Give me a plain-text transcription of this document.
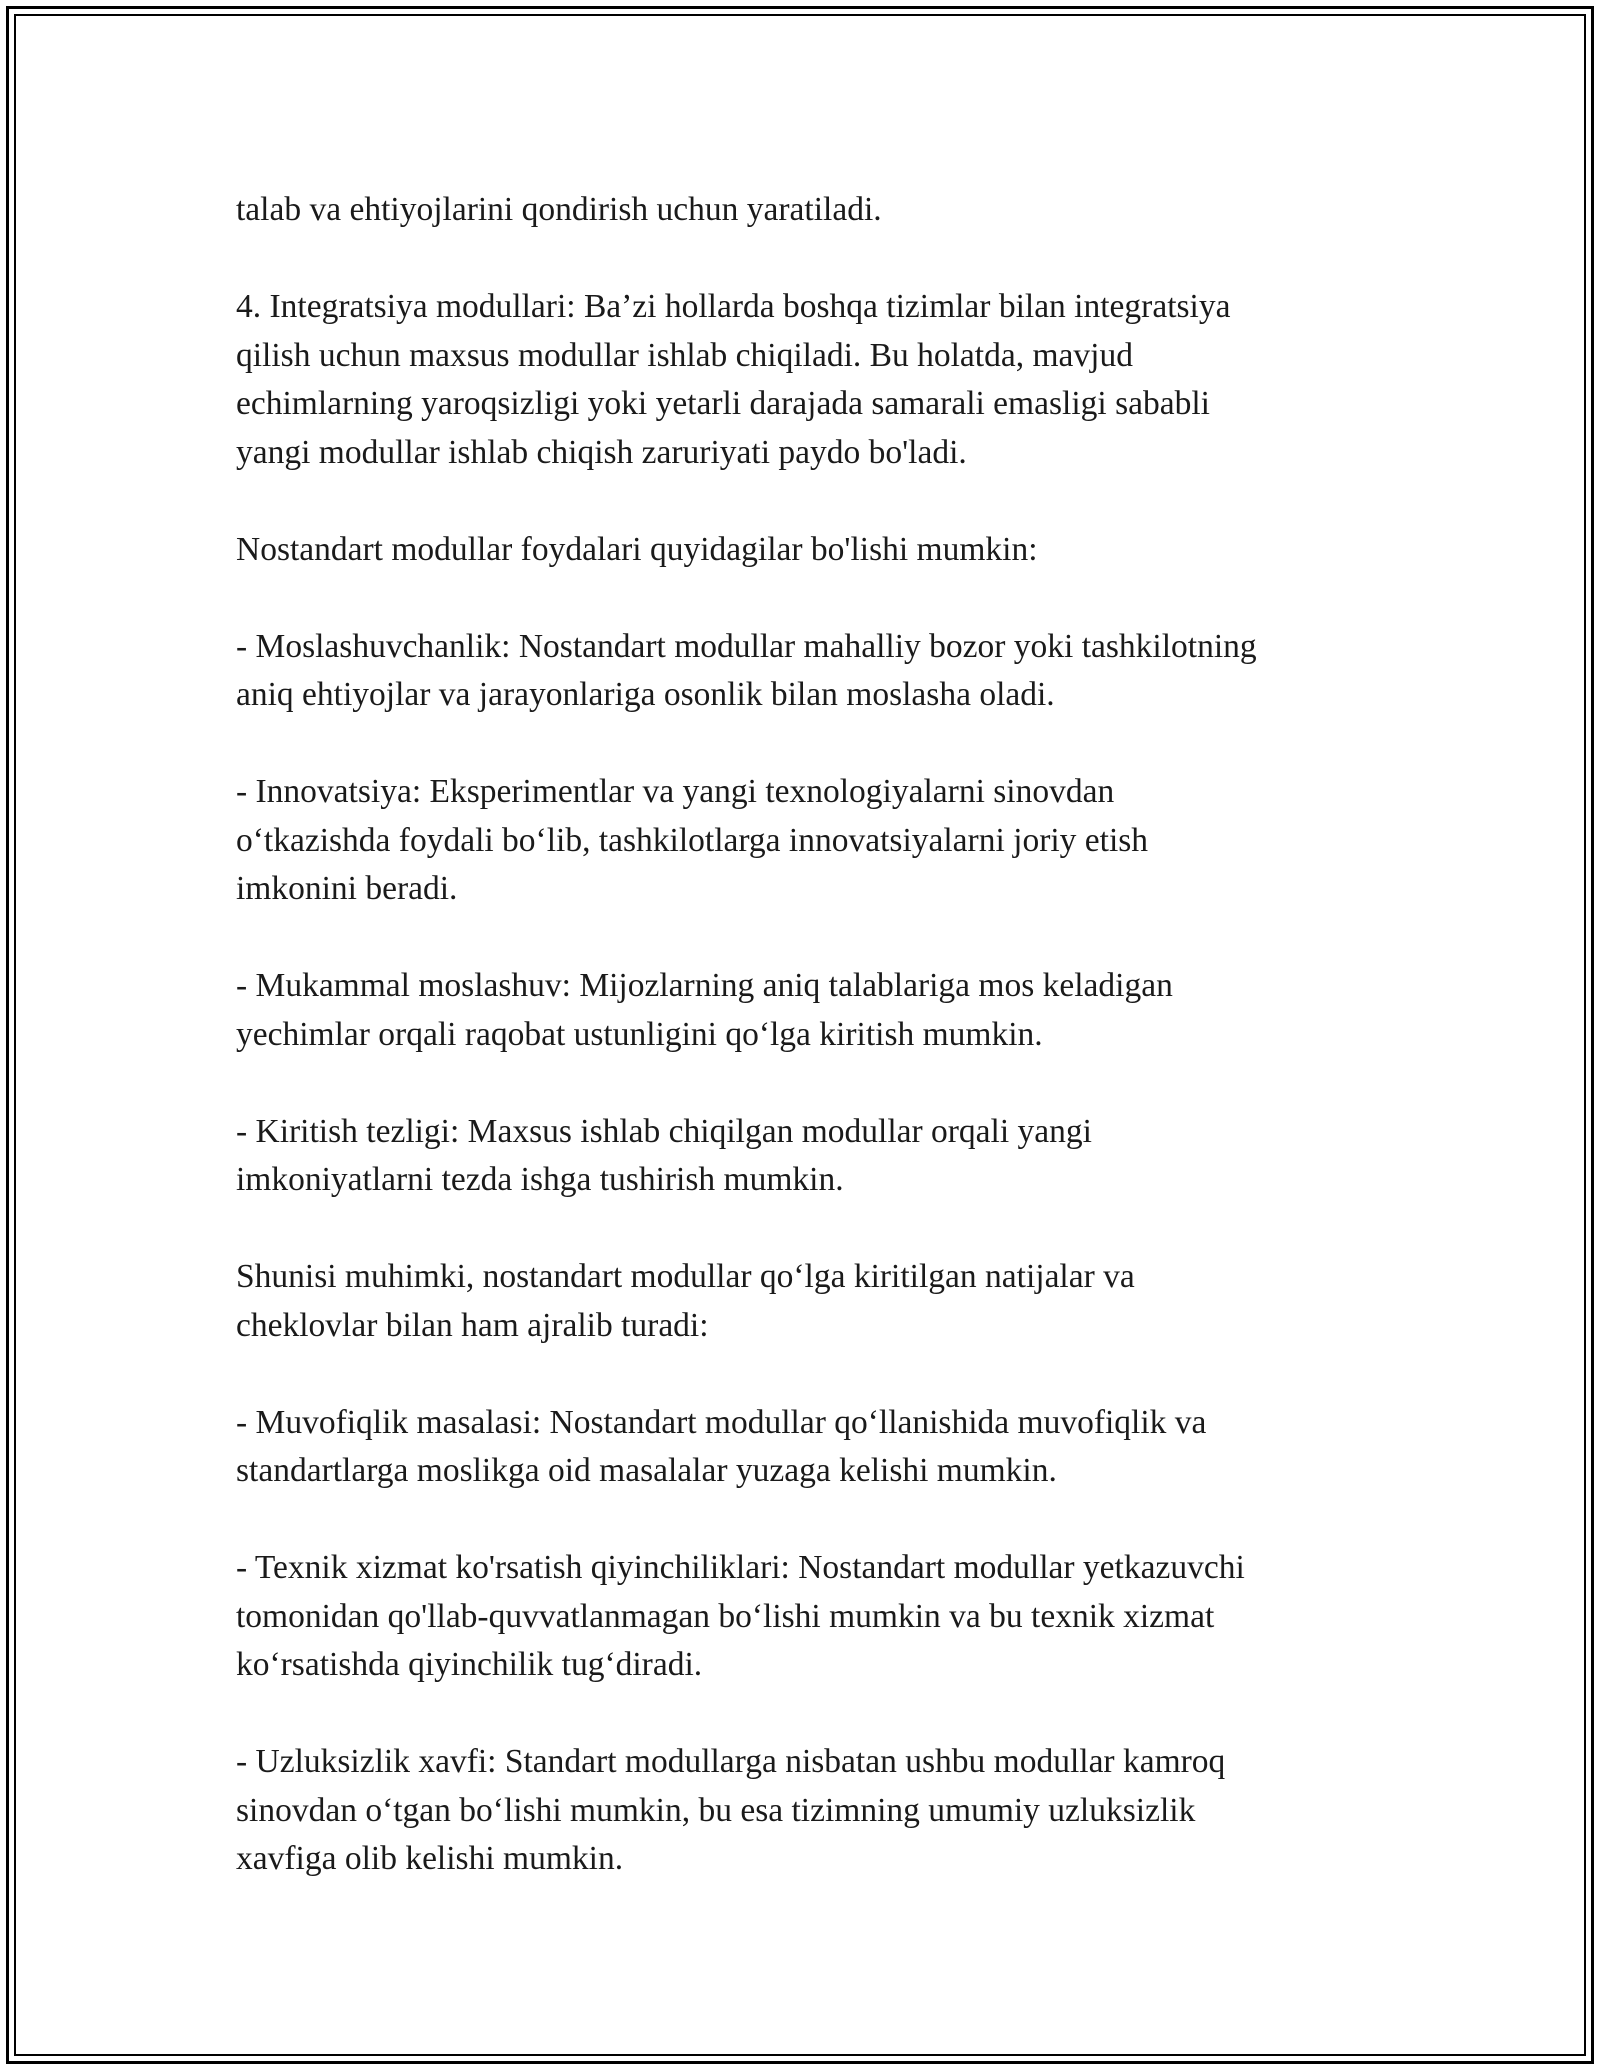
talab va ehtiyojlarini qondirish uchun yaratiladi.

4. Integratsiya modullari: Ba’zi hollarda boshqa tizimlar bilan integratsiya
qilish uchun maxsus modullar ishlab chiqiladi. Bu holatda, mavjud
echimlarning yaroqsizligi yoki yetarli darajada samarali emasligi sababli
yangi modullar ishlab chiqish zaruriyati paydo bo'ladi.

Nostandart modullar foydalari quyidagilar bo'lishi mumkin:

- Moslashuvchanlik: Nostandart modullar mahalliy bozor yoki tashkilotning
aniq ehtiyojlar va jarayonlariga osonlik bilan moslasha oladi.

- Innovatsiya: Eksperimentlar va yangi texnologiyalarni sinovdan
o‘tkazishda foydali bo‘lib, tashkilotlarga innovatsiyalarni joriy etish
imkonini beradi.

- Mukammal moslashuv: Mijozlarning aniq talablariga mos keladigan
yechimlar orqali raqobat ustunligini qo‘lga kiritish mumkin.

- Kiritish tezligi: Maxsus ishlab chiqilgan modullar orqali yangi
imkoniyatlarni tezda ishga tushirish mumkin.

Shunisi muhimki, nostandart modullar qo‘lga kiritilgan natijalar va
cheklovlar bilan ham ajralib turadi:

- Muvofiqlik masalasi: Nostandart modullar qo‘llanishida muvofiqlik va
standartlarga moslikga oid masalalar yuzaga kelishi mumkin.

- Texnik xizmat ko'rsatish qiyinchiliklari: Nostandart modullar yetkazuvchi
tomonidan qo'llab-quvvatlanmagan bo‘lishi mumkin va bu texnik xizmat
ko‘rsatishda qiyinchilik tug‘diradi.

- Uzluksizlik xavfi: Standart modullarga nisbatan ushbu modullar kamroq
sinovdan o‘tgan bo‘lishi mumkin, bu esa tizimning umumiy uzluksizlik
xavfiga olib kelishi mumkin.
